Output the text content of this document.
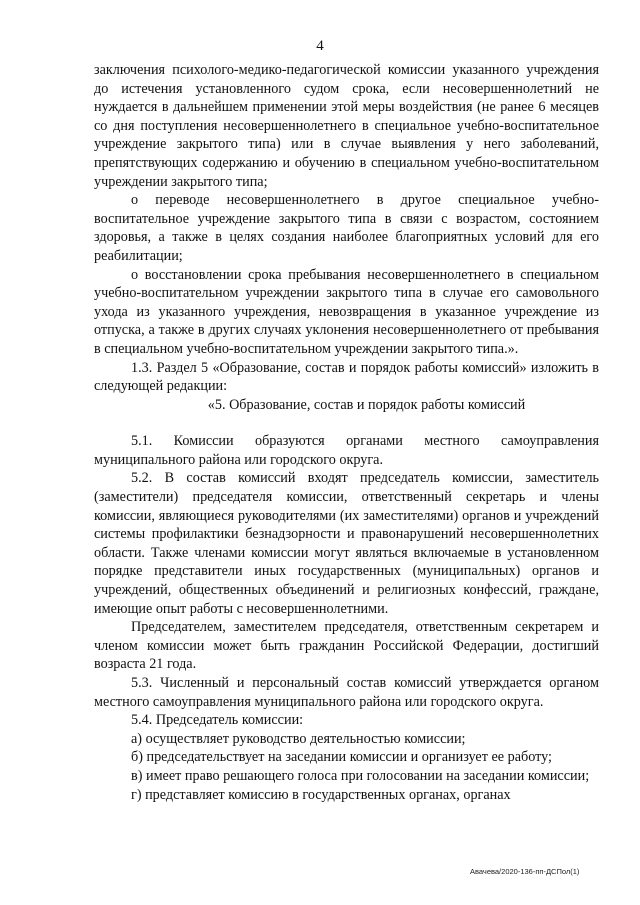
4

заключения психолого-медико-педагогической комиссии указанного учреждения до истечения установленного судом срока, если несовершеннолетний не нуждается в дальнейшем применении этой меры воздействия (не ранее 6 месяцев со дня поступления несовершеннолетнего в специальное учебно-воспитательное учреждение закрытого типа) или в случае выявления у него заболеваний, препятствующих содержанию и обучению в специальном учебно-воспитательном учреждении закрытого типа;

о переводе несовершеннолетнего в другое специальное учебно-воспитательное учреждение закрытого типа в связи с возрастом, состоянием здоровья, а также в целях создания наиболее благоприятных условий для его реабилитации;

о восстановлении срока пребывания несовершеннолетнего в специальном учебно-воспитательном учреждении закрытого типа в случае его самовольного ухода из указанного учреждения, невозвращения в указанное учреждение из отпуска, а также в других случаях уклонения несовершеннолетнего от пребывания в специальном учебно-воспитательном учреждении закрытого типа.».

1.3. Раздел 5 «Образование, состав и порядок работы комиссий» изложить в следующей редакции:

«5. Образование, состав и порядок работы комиссий

5.1. Комиссии образуются органами местного самоуправления муниципального района или городского округа.

5.2. В состав комиссий входят председатель комиссии, заместитель (заместители) председателя комиссии, ответственный секретарь и члены комиссии, являющиеся руководителями (их заместителями) органов и учреждений системы профилактики безнадзорности и правонарушений несовершеннолетних области. Также членами комиссии могут являться включаемые в установленном порядке представители иных государственных (муниципальных) органов и учреждений, общественных объединений и религиозных конфессий, граждане, имеющие опыт работы с несовершеннолетними.

Председателем, заместителем председателя, ответственным секретарем и членом комиссии может быть гражданин Российской Федерации, достигший возраста 21 года.

5.3. Численный и персональный состав комиссий утверждается органом местного самоуправления муниципального района или городского округа.

5.4. Председатель комиссии:

а) осуществляет руководство деятельностью комиссии;

б) председательствует на заседании комиссии и организует ее работу;

в) имеет право решающего голоса при голосовании на заседании комиссии;

г) представляет комиссию в государственных органах, органах

Авачева/2020-136-пп-ДСПол(1)
